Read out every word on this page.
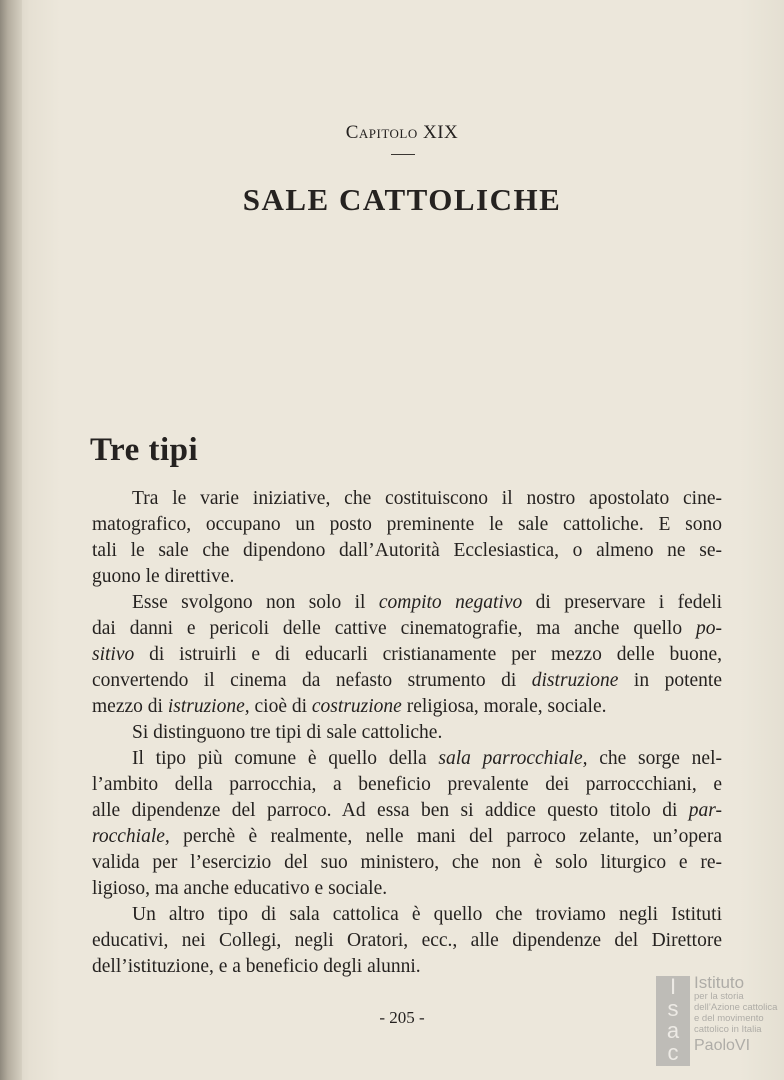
Capitolo XIX
SALE CATTOLICHE
Tre tipi
Tra le varie iniziative, che costituiscono il nostro apostolato cine-
matografico, occupano un posto preminente le sale cattoliche. E sono
tali le sale che dipendono dall’Autorità Ecclesiastica, o almeno ne se-
guono le direttive.
Esse svolgono non solo il compito negativo di preservare i fedeli
dai danni e pericoli delle cattive cinematografie, ma anche quello po-
sitivo di istruirli e di educarli cristianamente per mezzo delle buone,
convertendo il cinema da nefasto strumento di distruzione in potente
mezzo di istruzione, cioè di costruzione religiosa, morale, sociale.
Si distinguono tre tipi di sale cattoliche.
Il tipo più comune è quello della sala parrocchiale, che sorge nel-
l’ambito della parrocchia, a beneficio prevalente dei parroccchiani, e
alle dipendenze del parroco. Ad essa ben si addice questo titolo di par-
rocchiale, perchè è realmente, nelle mani del parroco zelante, un’opera
valida per l’esercizio del suo ministero, che non è solo liturgico e re-
ligioso, ma anche educativo e sociale.
Un altro tipo di sala cattolica è quello che troviamo negli Istituti
educativi, nei Collegi, negli Oratori, ecc., alle dipendenze del Direttore
dell’istituzione, e a beneficio degli alunni.
- 205 -
I
s
a
c
Istituto
per la storia
dell’Azione cattolica
e del movimento
cattolico in Italia
PaoloVI
